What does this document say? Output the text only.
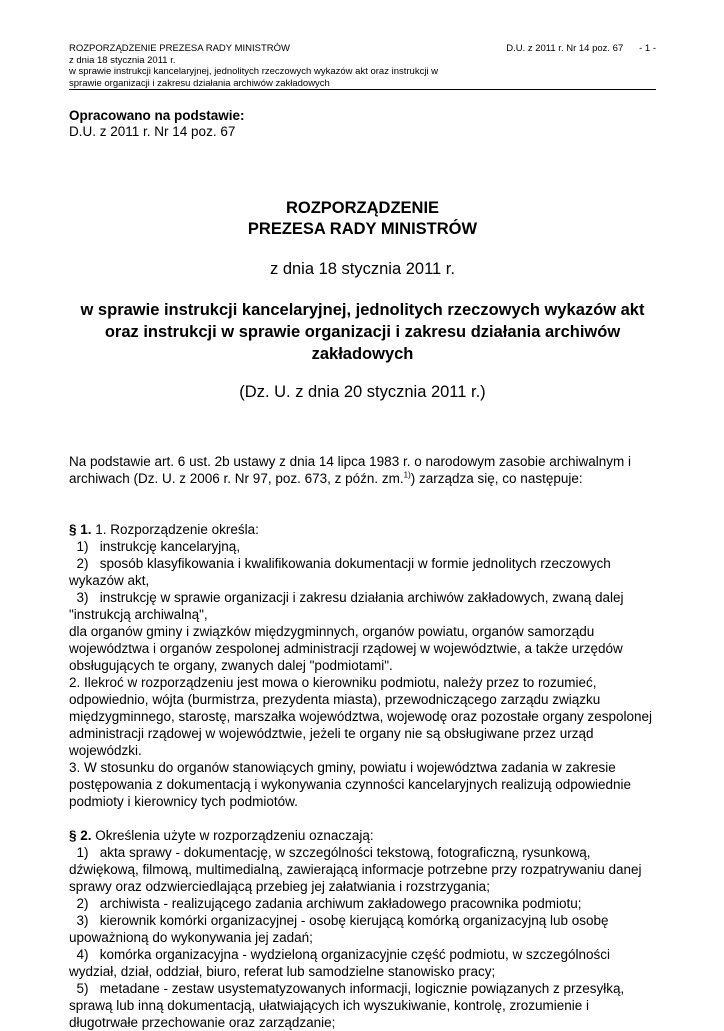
ROZPORZĄDZENIE PREZESA RADY MINISTRÓW
z dnia 18 stycznia 2011 r.
w sprawie instrukcji kancelaryjnej, jednolitych rzeczowych wykazów akt oraz instrukcji w
sprawie organizacji i zakresu działania archiwów zakładowych
D.U. z 2011 r. Nr 14 poz. 67 - 1 -
Opracowano na podstawie:
D.U. z 2011 r. Nr 14 poz. 67
ROZPORZĄDZENIE
PREZESA RADY MINISTRÓW
z dnia 18 stycznia 2011 r.
w sprawie instrukcji kancelaryjnej, jednolitych rzeczowych wykazów akt
oraz instrukcji w sprawie organizacji i zakresu działania archiwów
zakładowych
(Dz. U. z dnia 20 stycznia 2011 r.)

Na podstawie art. 6 ust. 2b ustawy z dnia 14 lipca 1983 r. o narodowym zasobie archiwalnym i

archiwach (Dz. U. z 2006 r. Nr 97, poz. 673, z późn. zm.$^{1)}$) zarządza się, co następuje:

§ 1. 1. Rozporządzenie określa:

1)   instrukcję kancelaryjną,

2)   sposób klasyfikowania i kwalifikowania dokumentacji w formie jednolitych rzeczowych

wykazów akt,

3)   instrukcję w sprawie organizacji i zakresu działania archiwów zakładowych, zwaną dalej

"instrukcją archiwalną",

dla organów gminy i związków międzygminnych, organów powiatu, organów samorządu

województwa i organów zespolonej administracji rządowej w województwie, a także urzędów

obsługujących te organy, zwanych dalej "podmiotami".

2. Ilekroć w rozporządzeniu jest mowa o kierowniku podmiotu, należy przez to rozumieć,

odpowiednio, wójta (burmistrza, prezydenta miasta), przewodniczącego zarządu związku

międzygminnego, starostę, marszałka województwa, wojewodę oraz pozostałe organy zespolonej

administracji rządowej w województwie, jeżeli te organy nie są obsługiwane przez urząd

wojewódzki.

3. W stosunku do organów stanowiących gminy, powiatu i województwa zadania w zakresie

postępowania z dokumentacją i wykonywania czynności kancelaryjnych realizują odpowiednie

podmioty i kierownicy tych podmiotów.

§ 2. Określenia użyte w rozporządzeniu oznaczają:

1)   akta sprawy - dokumentację, w szczególności tekstową, fotograficzną, rysunkową,

dźwiękową, filmową, multimedialną, zawierającą informacje potrzebne przy rozpatrywaniu danej

sprawy oraz odzwierciedlającą przebieg jej załatwiania i rozstrzygania;

2)   archiwista - realizującego zadania archiwum zakładowego pracownika podmiotu;

3)   kierownik komórki organizacyjnej - osobę kierującą komórką organizacyjną lub osobę

upoważnioną do wykonywania jej zadań;

4)   komórka organizacyjna - wydzieloną organizacyjnie część podmiotu, w szczególności

wydział, dział, oddział, biuro, referat lub samodzielne stanowisko pracy;

5)   metadane - zestaw usystematyzowanych informacji, logicznie powiązanych z przesyłką,

sprawą lub inną dokumentacją, ułatwiających ich wyszukiwanie, kontrolę, zrozumienie i

długotrwałe przechowanie oraz zarządzanie;
